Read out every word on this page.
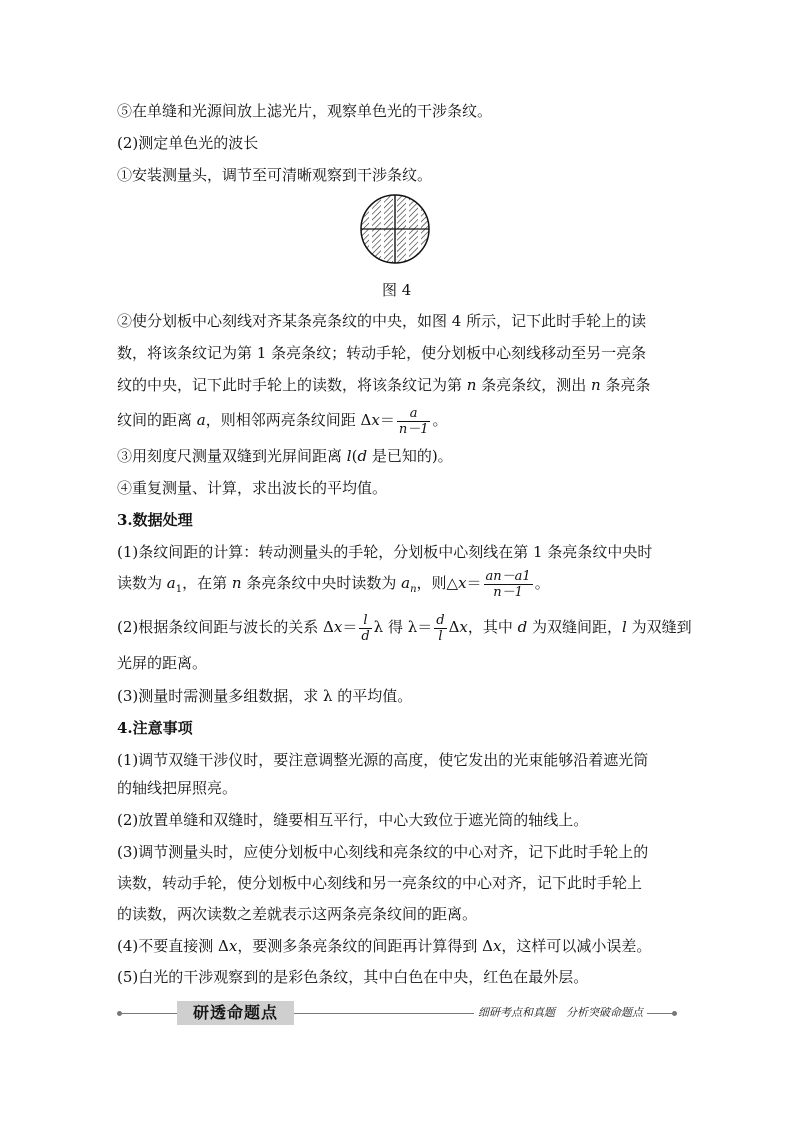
⑤在单缝和光源间放上滤光片，观察单色光的干涉条纹。
(2)测定单色光的波长
①安装测量头，调节至可清晰观察到干涉条纹。
图 4
②使分划板中心刻线对齐某条亮条纹的中央，如图 4 所示，记下此时手轮上的读
数，将该条纹记为第 1 条亮条纹；转动手轮，使分划板中心刻线移动至另一亮条
纹的中央，记下此时手轮上的读数，将该条纹记为第 n 条亮条纹，测出 n 条亮条
纹间的距离 a，则相邻两亮条纹间距 $\Delta x= \frac{a}{n-1}$ 。
③用刻度尺测量双缝到光屏间距离 l(d 是已知的)。
④重复测量、计算，求出波长的平均值。
3.数据处理
(1)条纹间距的计算：转动测量头的手轮，分划板中心刻线在第 1 条亮条纹中央时
读数为 $a_1$，在第 n 条亮条纹中央时读数为 $a_n$，则△x＝ $\frac{an-a1}{n-1}$ 。
(2)根据条纹间距与波长的关系 $\Delta x= \frac{l}{d}$ λ 得 $\lambda= \frac{d}{l}$ Δx，其中 d 为双缝间距，l 为双缝到
光屏的距离。
(3)测量时需测量多组数据，求 λ 的平均值。
4.注意事项
(1)调节双缝干涉仪时，要注意调整光源的高度，使它发出的光束能够沿着遮光筒
的轴线把屏照亮。
(2)放置单缝和双缝时，缝要相互平行，中心大致位于遮光筒的轴线上。
(3)调节测量头时，应使分划板中心刻线和亮条纹的中心对齐，记下此时手轮上的
读数，转动手轮，使分划板中心刻线和另一亮条纹的中心对齐，记下此时手轮上
的读数，两次读数之差就表示这两条亮条纹间的距离。
(4)不要直接测 Δx，要测多条亮条纹的间距再计算得到 Δx，这样可以减小误差。
(5)白光的干涉观察到的是彩色条纹，其中白色在中央，红色在最外层。
研透命题点	细研考点和真题　分析突破命题点
